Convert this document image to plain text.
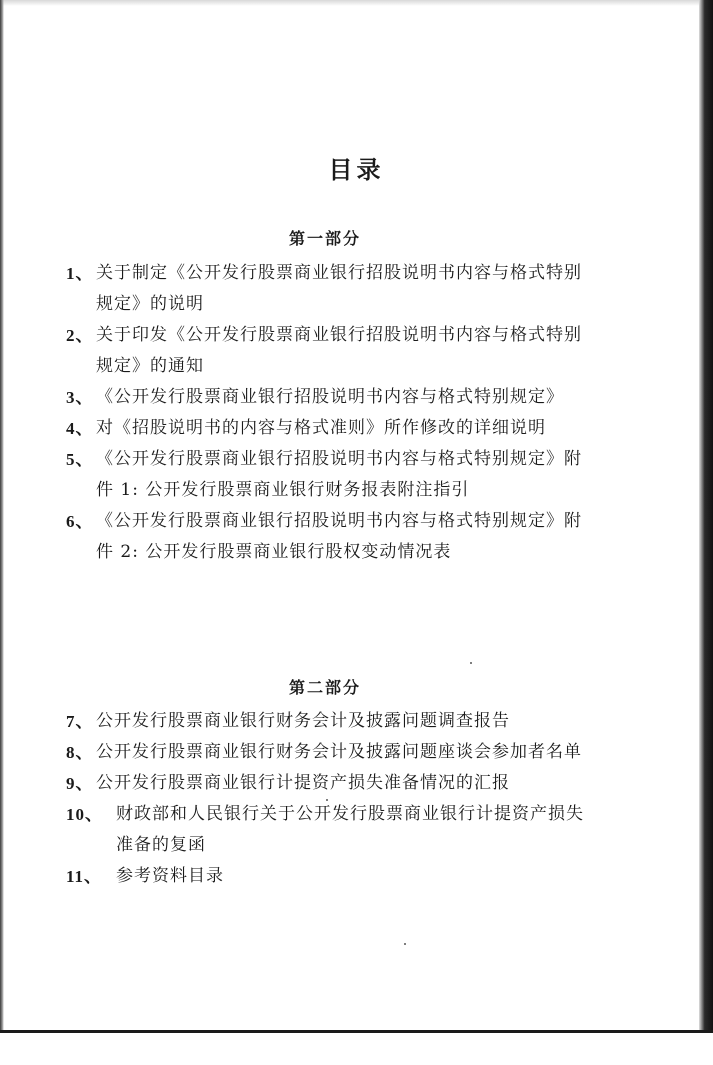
目录
第一部分
1、 关于制定《公开发行股票商业银行招股说明书内容与格式特别规定》的说明
2、 关于印发《公开发行股票商业银行招股说明书内容与格式特别规定》的通知
3、 《公开发行股票商业银行招股说明书内容与格式特别规定》
4、 对《招股说明书的内容与格式准则》所作修改的详细说明
5、 《公开发行股票商业银行招股说明书内容与格式特别规定》附件 1: 公开发行股票商业银行财务报表附注指引
6、 《公开发行股票商业银行招股说明书内容与格式特别规定》附件 2: 公开发行股票商业银行股权变动情况表
第二部分
7、 公开发行股票商业银行财务会计及披露问题调查报告
8、 公开发行股票商业银行财务会计及披露问题座谈会参加者名单
9、 公开发行股票商业银行计提资产损失准备情况的汇报
10、 财政部和人民银行关于公开发行股票商业银行计提资产损失准备的复函
11、 参考资料目录
